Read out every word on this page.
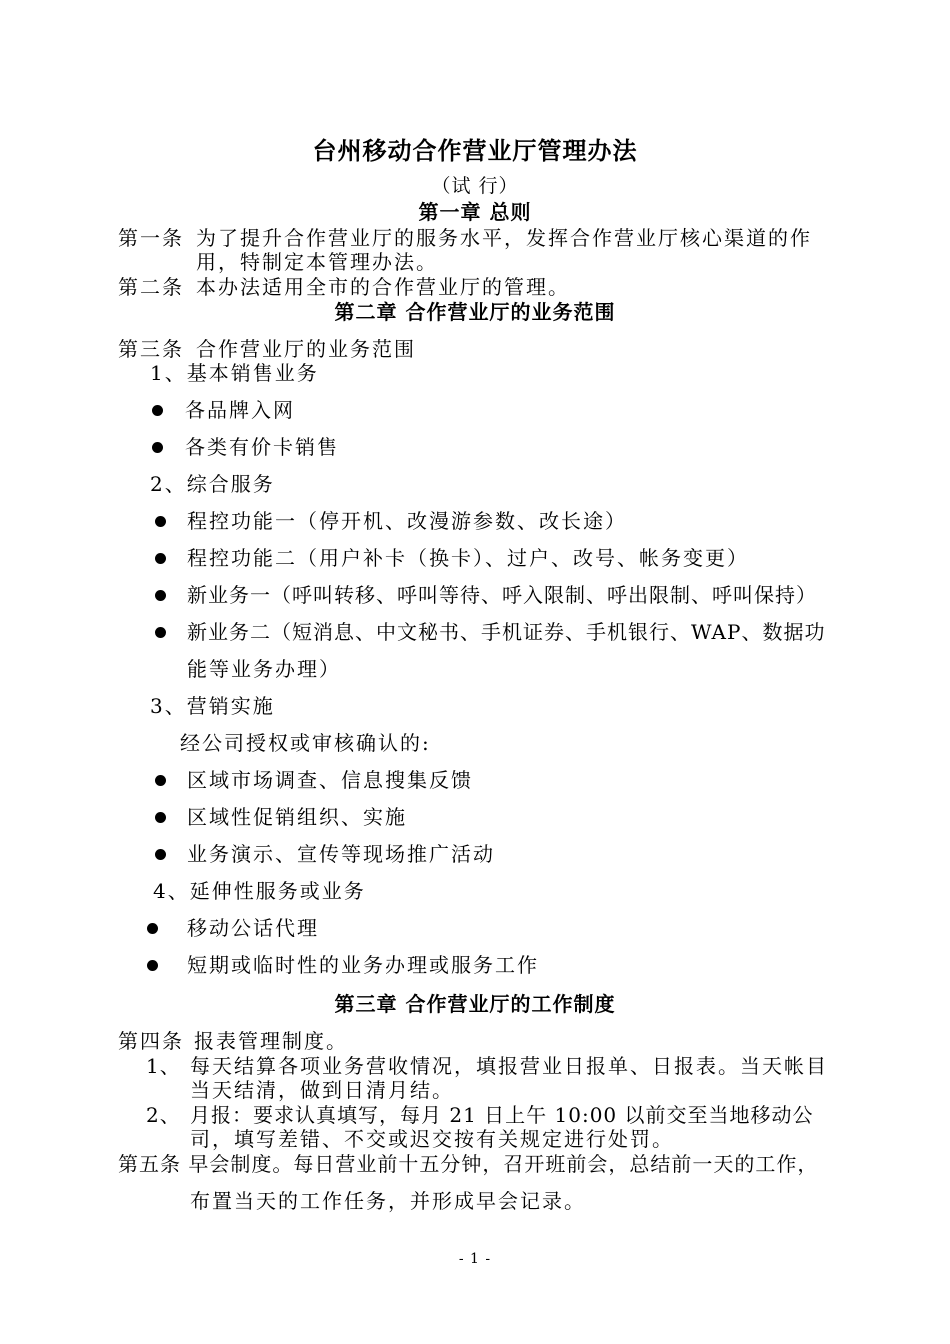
台州移动合作营业厅管理办法
（试 行）
第一章 总则
第一条 为了提升合作营业厅的服务水平，发挥合作营业厅核心渠道的作
用，特制定本管理办法。
第二条 本办法适用全市的合作营业厅的管理。
第二章 合作营业厅的业务范围
第三条 合作营业厅的业务范围
1、基本销售业务
各品牌入网
各类有价卡销售
2、综合服务
程控功能一（停开机、改漫游参数、改长途）
程控功能二（用户补卡（换卡）、过户、改号、帐务变更）
新业务一（呼叫转移、呼叫等待、呼入限制、呼出限制、呼叫保持）
新业务二（短消息、中文秘书、手机证券、手机银行、WAP、数据功
能等业务办理）
3、营销实施
经公司授权或审核确认的:
区域市场调查、信息搜集反馈
区域性促销组织、实施
业务演示、宣传等现场推广活动
4、延伸性服务或业务
移动公话代理
短期或临时性的业务办理或服务工作
第三章 合作营业厅的工作制度
第四条 报表管理制度。
1、 每天结算各项业务营收情况，填报营业日报单、日报表。当天帐目
当天结清，做到日清月结。
2、 月报：要求认真填写，每月 21 日上午 10:00 以前交至当地移动公
司，填写差错、不交或迟交按有关规定进行处罚。
第五条 早会制度。每日营业前十五分钟，召开班前会，总结前一天的工作，
布置当天的工作任务，并形成早会记录。
- 1 -
